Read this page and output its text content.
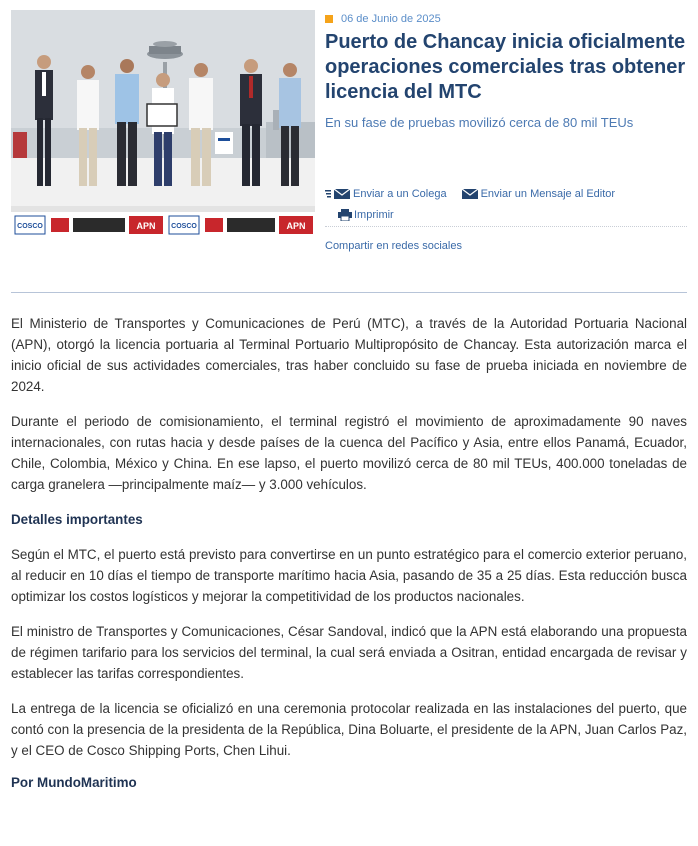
COSCO	APN COSCO	APN
06 de Junio de 2025
Puerto de Chancay inicia oficialmente operaciones comerciales tras obtener licencia del MTC
En su fase de pruebas movilizó cerca de 80 mil TEUs
Enviar a un Colega	Enviar un Mensaje al Editor
Imprimir
Compartir en redes sociales

El Ministerio de Transportes y Comunicaciones de Perú (MTC), a través de la Autoridad Portuaria Nacional (APN), otorgó la licencia portuaria al Terminal Portuario Multipropósito de Chancay. Esta autorización marca el inicio oficial de sus actividades comerciales, tras haber concluido su fase de prueba iniciada en noviembre de 2024.

Durante el periodo de comisionamiento, el terminal registró el movimiento de aproximadamente 90 naves internacionales, con rutas hacia y desde países de la cuenca del Pacífico y Asia, entre ellos Panamá, Ecuador, Chile, Colombia, México y China. En ese lapso, el puerto movilizó cerca de 80 mil TEUs, 400.000 toneladas de carga granelera —principalmente maíz— y 3.000 vehículos.

Detalles importantes

Según el MTC, el puerto está previsto para convertirse en un punto estratégico para el comercio exterior peruano, al reducir en 10 días el tiempo de transporte marítimo hacia Asia, pasando de 35 a 25 días. Esta reducción busca optimizar los costos logísticos y mejorar la competitividad de los productos nacionales.

El ministro de Transportes y Comunicaciones, César Sandoval, indicó que la APN está elaborando una propuesta de régimen tarifario para los servicios del terminal, la cual será enviada a Ositran, entidad encargada de revisar y establecer las tarifas correspondientes.

La entrega de la licencia se oficializó en una ceremonia protocolar realizada en las instalaciones del puerto, que contó con la presencia de la presidenta de la República, Dina Boluarte, el presidente de la APN, Juan Carlos Paz, y el CEO de Cosco Shipping Ports, Chen Lihui.

Por MundoMaritimo
